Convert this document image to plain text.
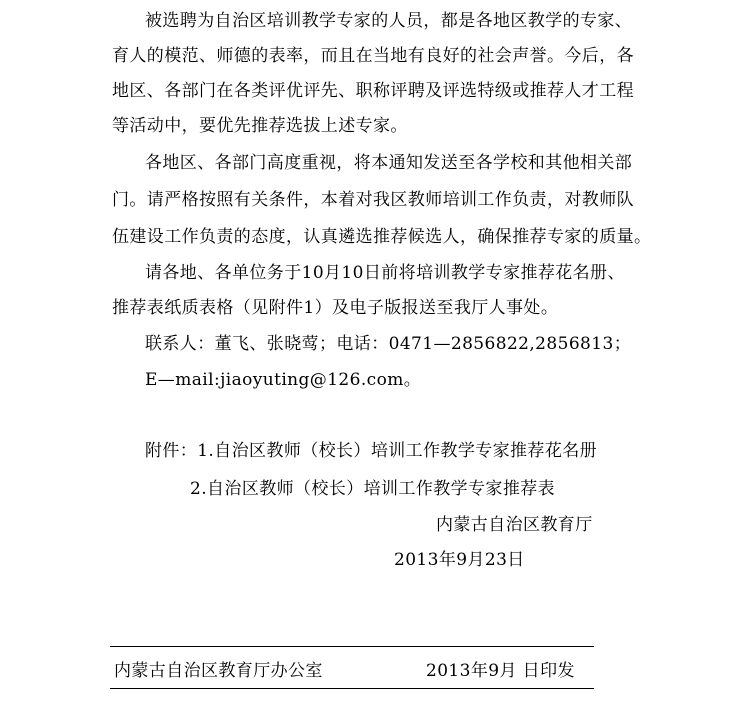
被选聘为自治区培训教学专家的人员，都是各地区教学的专家、
育人的模范、师德的表率，而且在当地有良好的社会声誉。今后，各
地区、各部门在各类评优评先、职称评聘及评选特级或推荐人才工程
等活动中，要优先推荐选拔上述专家。
各地区、各部门高度重视，将本通知发送至各学校和其他相关部
门。请严格按照有关条件，本着对我区教师培训工作负责，对教师队
伍建设工作负责的态度，认真遴选推荐候选人，确保推荐专家的质量。
请各地、各单位务于10月10日前将培训教学专家推荐花名册、
推荐表纸质表格（见附件1）及电子版报送至我厅人事处。
联系人：董飞、张晓莺；电话：0471—2856822,2856813；
E—mail:jiaoyuting@126.com。
附件：1.自治区教师（校长）培训工作教学专家推荐花名册
2.自治区教师（校长）培训工作教学专家推荐表
内蒙古自治区教育厅
2013年9月23日
内蒙古自治区教育厅办公室	2013年9月 日印发
